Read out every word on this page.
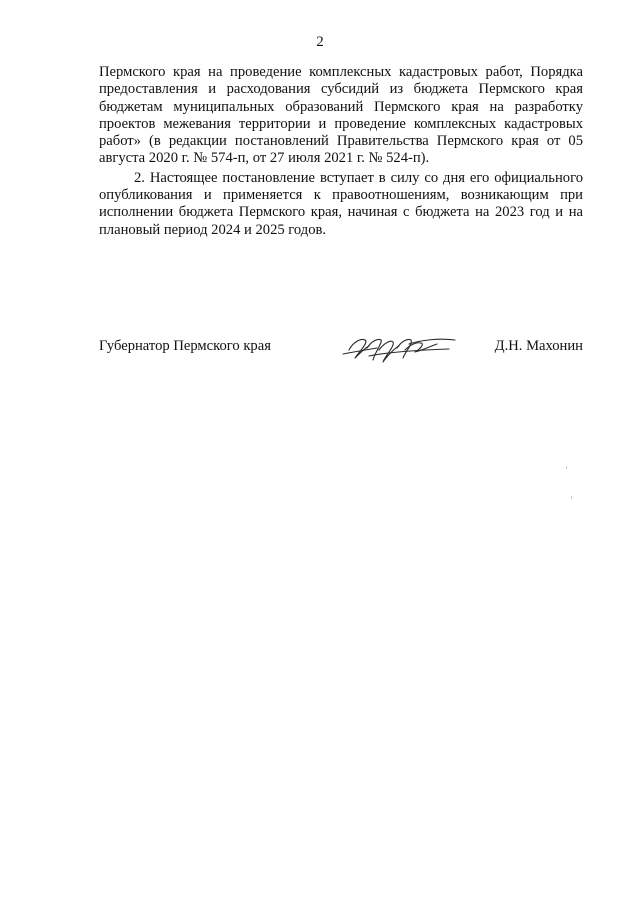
2

Пермского края на проведение комплексных кадастровых работ, Порядка предоставления и расходования субсидий из бюджета Пермского края бюджетам муниципальных образований Пермского края на разработку проектов межевания территории и проведение комплексных кадастровых работ» (в редакции постановлений Правительства Пермского края от 05 августа 2020 г. № 574-п, от 27 июля 2021 г. № 524-п).

2. Настоящее постановление вступает в силу со дня его официального опубликования и применяется к правоотношениям, возникающим при исполнении бюджета Пермского края, начиная с бюджета на 2023 год и на плановый период 2024 и 2025 годов.

Губернатор Пермского края	Д.Н. Махонин
